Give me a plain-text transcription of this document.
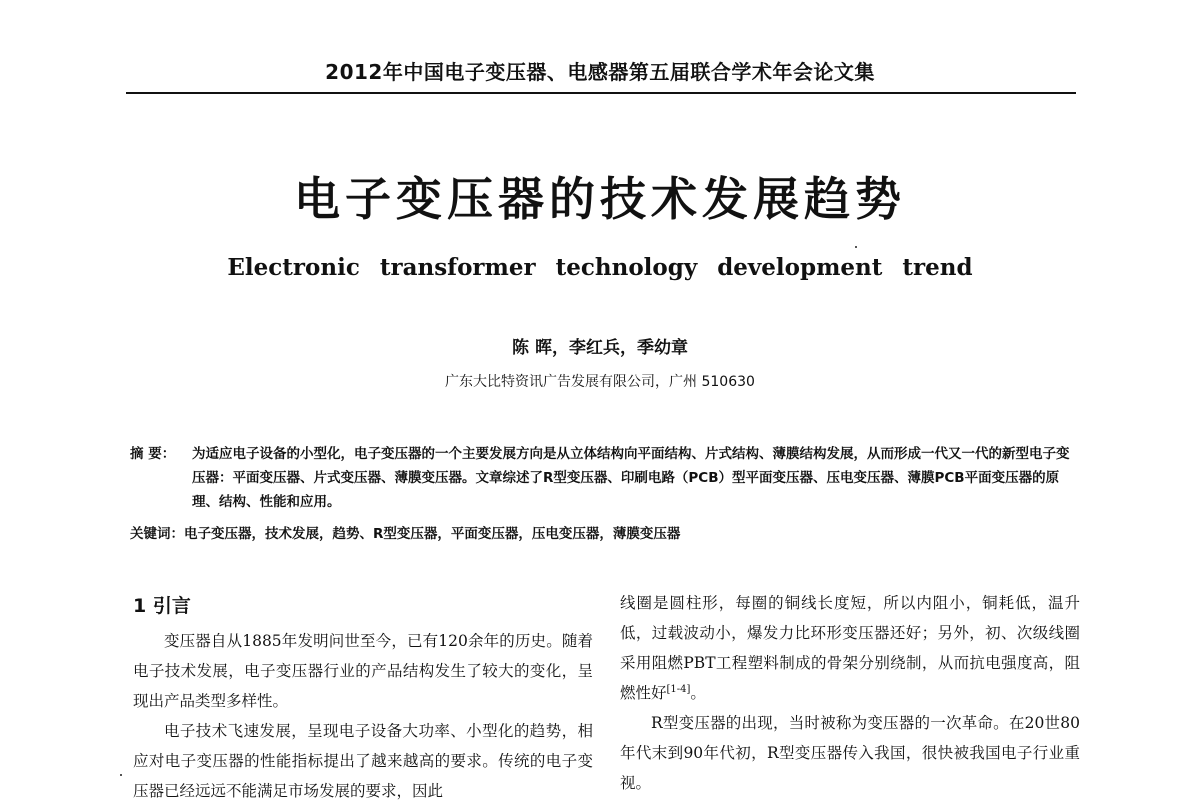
2012年中国电子变压器、电感器第五届联合学术年会论文集
电子变压器的技术发展趋势
Electronic transformer technology development trend
陈 晖，李红兵，季幼章
广东大比特资讯广告发展有限公司，广州 510630
摘 要：	为适应电子设备的小型化，电子变压器的一个主要发展方向是从立体结构向平面结构、片式结构、薄膜结构发展，从而形成一代又一代的新型电子变压器：平面变压器、片式变压器、薄膜变压器。文章综述了R型变压器、印刷电路（PCB）型平面变压器、压电变压器、薄膜PCB平面变压器的原理、结构、性能和应用。
关键词：电子变压器，技术发展，趋势、R型变压器，平面变压器，压电变压器，薄膜变压器
1 引言

变压器自从1885年发明问世至今，已有120余年的历史。随着电子技术发展，电子变压器行业的产品结构发生了较大的变化，呈现出产品类型多样性。

电子技术飞速发展，呈现电子设备大功率、小型化的趋势，相应对电子变压器的性能指标提出了越来越高的要求。传统的电子变压器已经远远不能满足市场发展的要求，因此

线圈是圆柱形，每圈的铜线长度短，所以内阻小，铜耗低，温升低，过载波动小，爆发力比环形变压器还好；另外，初、次级线圈采用阻燃PBT工程塑料制成的骨架分别绕制，从而抗电强度高，阻燃性好[1-4]。

R型变压器的出现，当时被称为变压器的一次革命。在20世80年代末到90年代初，R型变压器传入我国，很快被我国电子行业重视。
